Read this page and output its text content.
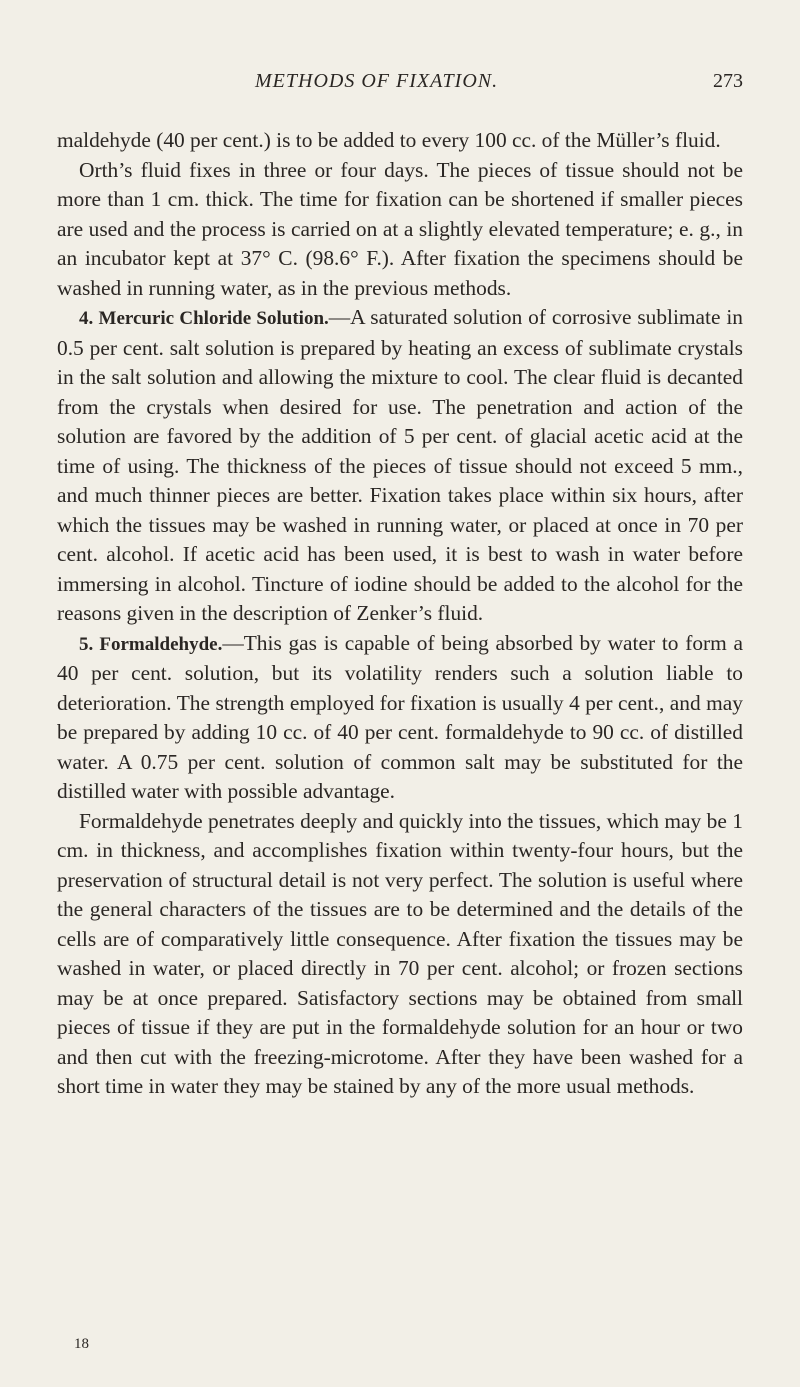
METHODS OF FIXATION.	273

maldehyde (40 per cent.) is to be added to every 100 cc. of the Müller’s fluid.

Orth’s fluid fixes in three or four days. The pieces of tissue should not be more than 1 cm. thick. The time for fixation can be shortened if smaller pieces are used and the process is carried on at a slightly elevated temperature; e. g., in an incubator kept at 37° C. (98.6° F.). After fixation the specimens should be washed in running water, as in the previous methods.

4. Mercuric Chloride Solution.—A saturated solution of corrosive sublimate in 0.5 per cent. salt solution is prepared by heating an excess of sublimate crystals in the salt solution and allowing the mixture to cool. The clear fluid is decanted from the crystals when desired for use. The penetration and action of the solution are favored by the addition of 5 per cent. of glacial acetic acid at the time of using. The thickness of the pieces of tissue should not exceed 5 mm., and much thinner pieces are better. Fixation takes place within six hours, after which the tissues may be washed in running water, or placed at once in 70 per cent. alcohol. If acetic acid has been used, it is best to wash in water before immersing in alcohol. Tincture of iodine should be added to the alcohol for the reasons given in the description of Zenker’s fluid.

5. Formaldehyde.—This gas is capable of being absorbed by water to form a 40 per cent. solution, but its volatility renders such a solution liable to deterioration. The strength employed for fixation is usually 4 per cent., and may be prepared by adding 10 cc. of 40 per cent. formaldehyde to 90 cc. of distilled water. A 0.75 per cent. solution of common salt may be substituted for the distilled water with possible advantage.

Formaldehyde penetrates deeply and quickly into the tissues, which may be 1 cm. in thickness, and accomplishes fixation within twenty-four hours, but the preservation of structural detail is not very perfect. The solution is useful where the general characters of the tissues are to be determined and the details of the cells are of comparatively little consequence. After fixation the tissues may be washed in water, or placed directly in 70 per cent. alcohol; or frozen sections may be at once prepared. Satisfactory sections may be obtained from small pieces of tissue if they are put in the formaldehyde solution for an hour or two and then cut with the freezing-microtome. After they have been washed for a short time in water they may be stained by any of the more usual methods.

18
